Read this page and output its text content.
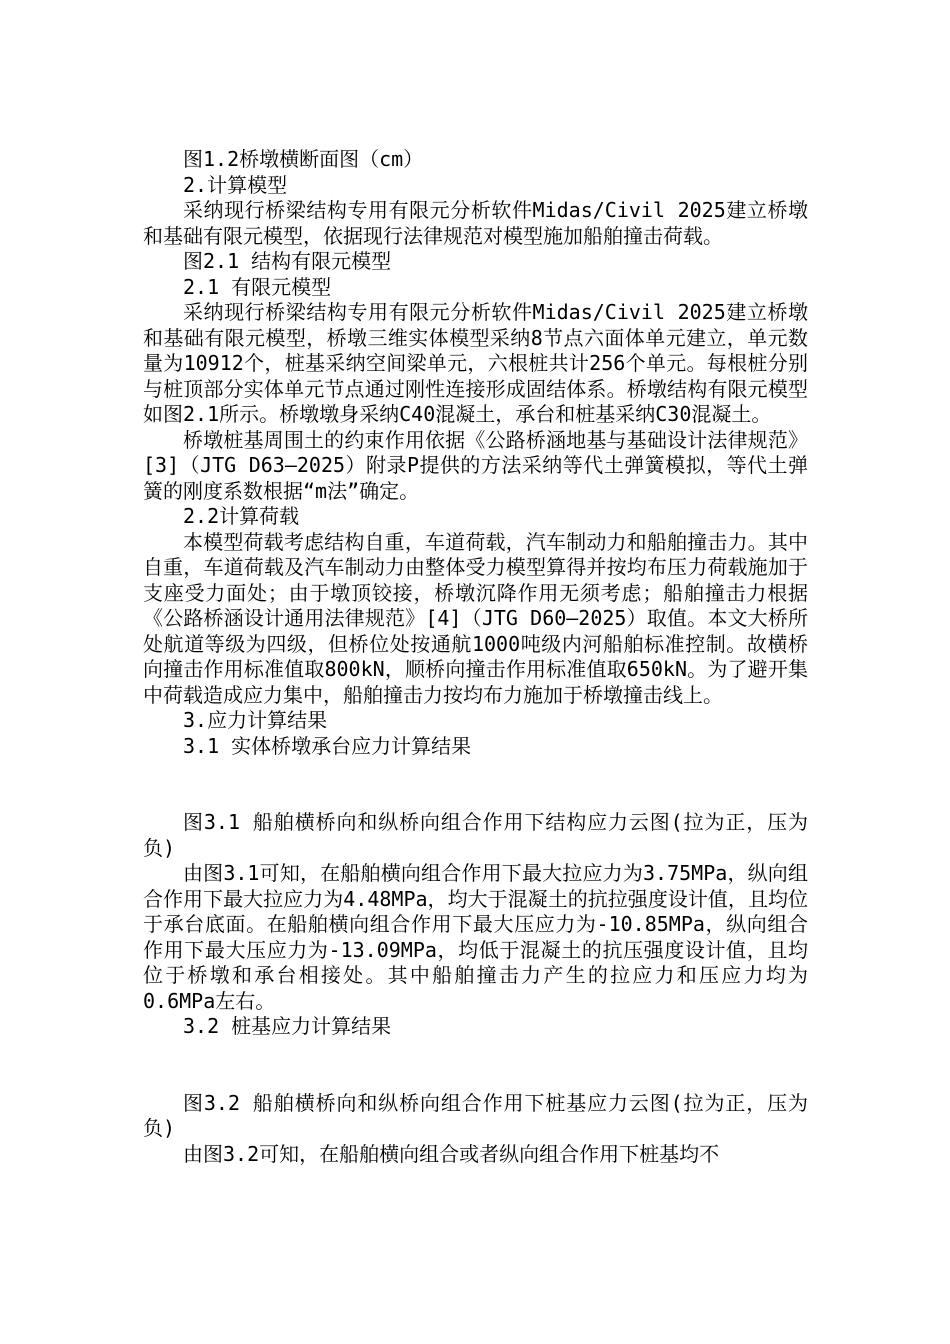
图1.2桥墩横断面图（cm）

2.计算模型

采纳现行桥梁结构专用有限元分析软件Midas/Civil 2025建立桥墩和基础有限元模型，依据现行法律规范对模型施加船舶撞击荷载。

图2.1 结构有限元模型

2.1 有限元模型

采纳现行桥梁结构专用有限元分析软件Midas/Civil 2025建立桥墩和基础有限元模型，桥墩三维实体模型采纳8节点六面体单元建立，单元数量为10912个，桩基采纳空间梁单元，六根桩共计256个单元。每根桩分别与桩顶部分实体单元节点通过刚性连接形成固结体系。桥墩结构有限元模型如图2.1所示。桥墩墩身采纳C40混凝土，承台和桩基采纳C30混凝土。

桥墩桩基周围土的约束作用依据《公路桥涵地基与基础设计法律规范》[3]（JTG D63—2025）附录P提供的方法采纳等代土弹簧模拟，等代土弹簧的刚度系数根据“m法”确定。

2.2计算荷载

本模型荷载考虑结构自重，车道荷载，汽车制动力和船舶撞击力。其中自重，车道荷载及汽车制动力由整体受力模型算得并按均布压力荷载施加于支座受力面处；由于墩顶铰接，桥墩沉降作用无须考虑；船舶撞击力根据《公路桥涵设计通用法律规范》[4]（JTG D60—2025）取值。本文大桥所处航道等级为四级，但桥位处按通航1000吨级内河船舶标准控制。故横桥向撞击作用标准值取800kN，顺桥向撞击作用标准值取650kN。为了避开集中荷载造成应力集中，船舶撞击力按均布力施加于桥墩撞击线上。

3.应力计算结果

3.1 实体桥墩承台应力计算结果

图3.1 船舶横桥向和纵桥向组合作用下结构应力云图(拉为正，压为负)

由图3.1可知，在船舶横向组合作用下最大拉应力为3.75MPa，纵向组合作用下最大拉应力为4.48MPa，均大于混凝土的抗拉强度设计值，且均位于承台底面。在船舶横向组合作用下最大压应力为-10.85MPa，纵向组合作用下最大压应力为-13.09MPa，均低于混凝土的抗压强度设计值，且均位于桥墩和承台相接处。其中船舶撞击力产生的拉应力和压应力均为0.6MPa左右。

3.2 桩基应力计算结果

图3.2 船舶横桥向和纵桥向组合作用下桩基应力云图(拉为正，压为负)

由图3.2可知，在船舶横向组合或者纵向组合作用下桩基均不
